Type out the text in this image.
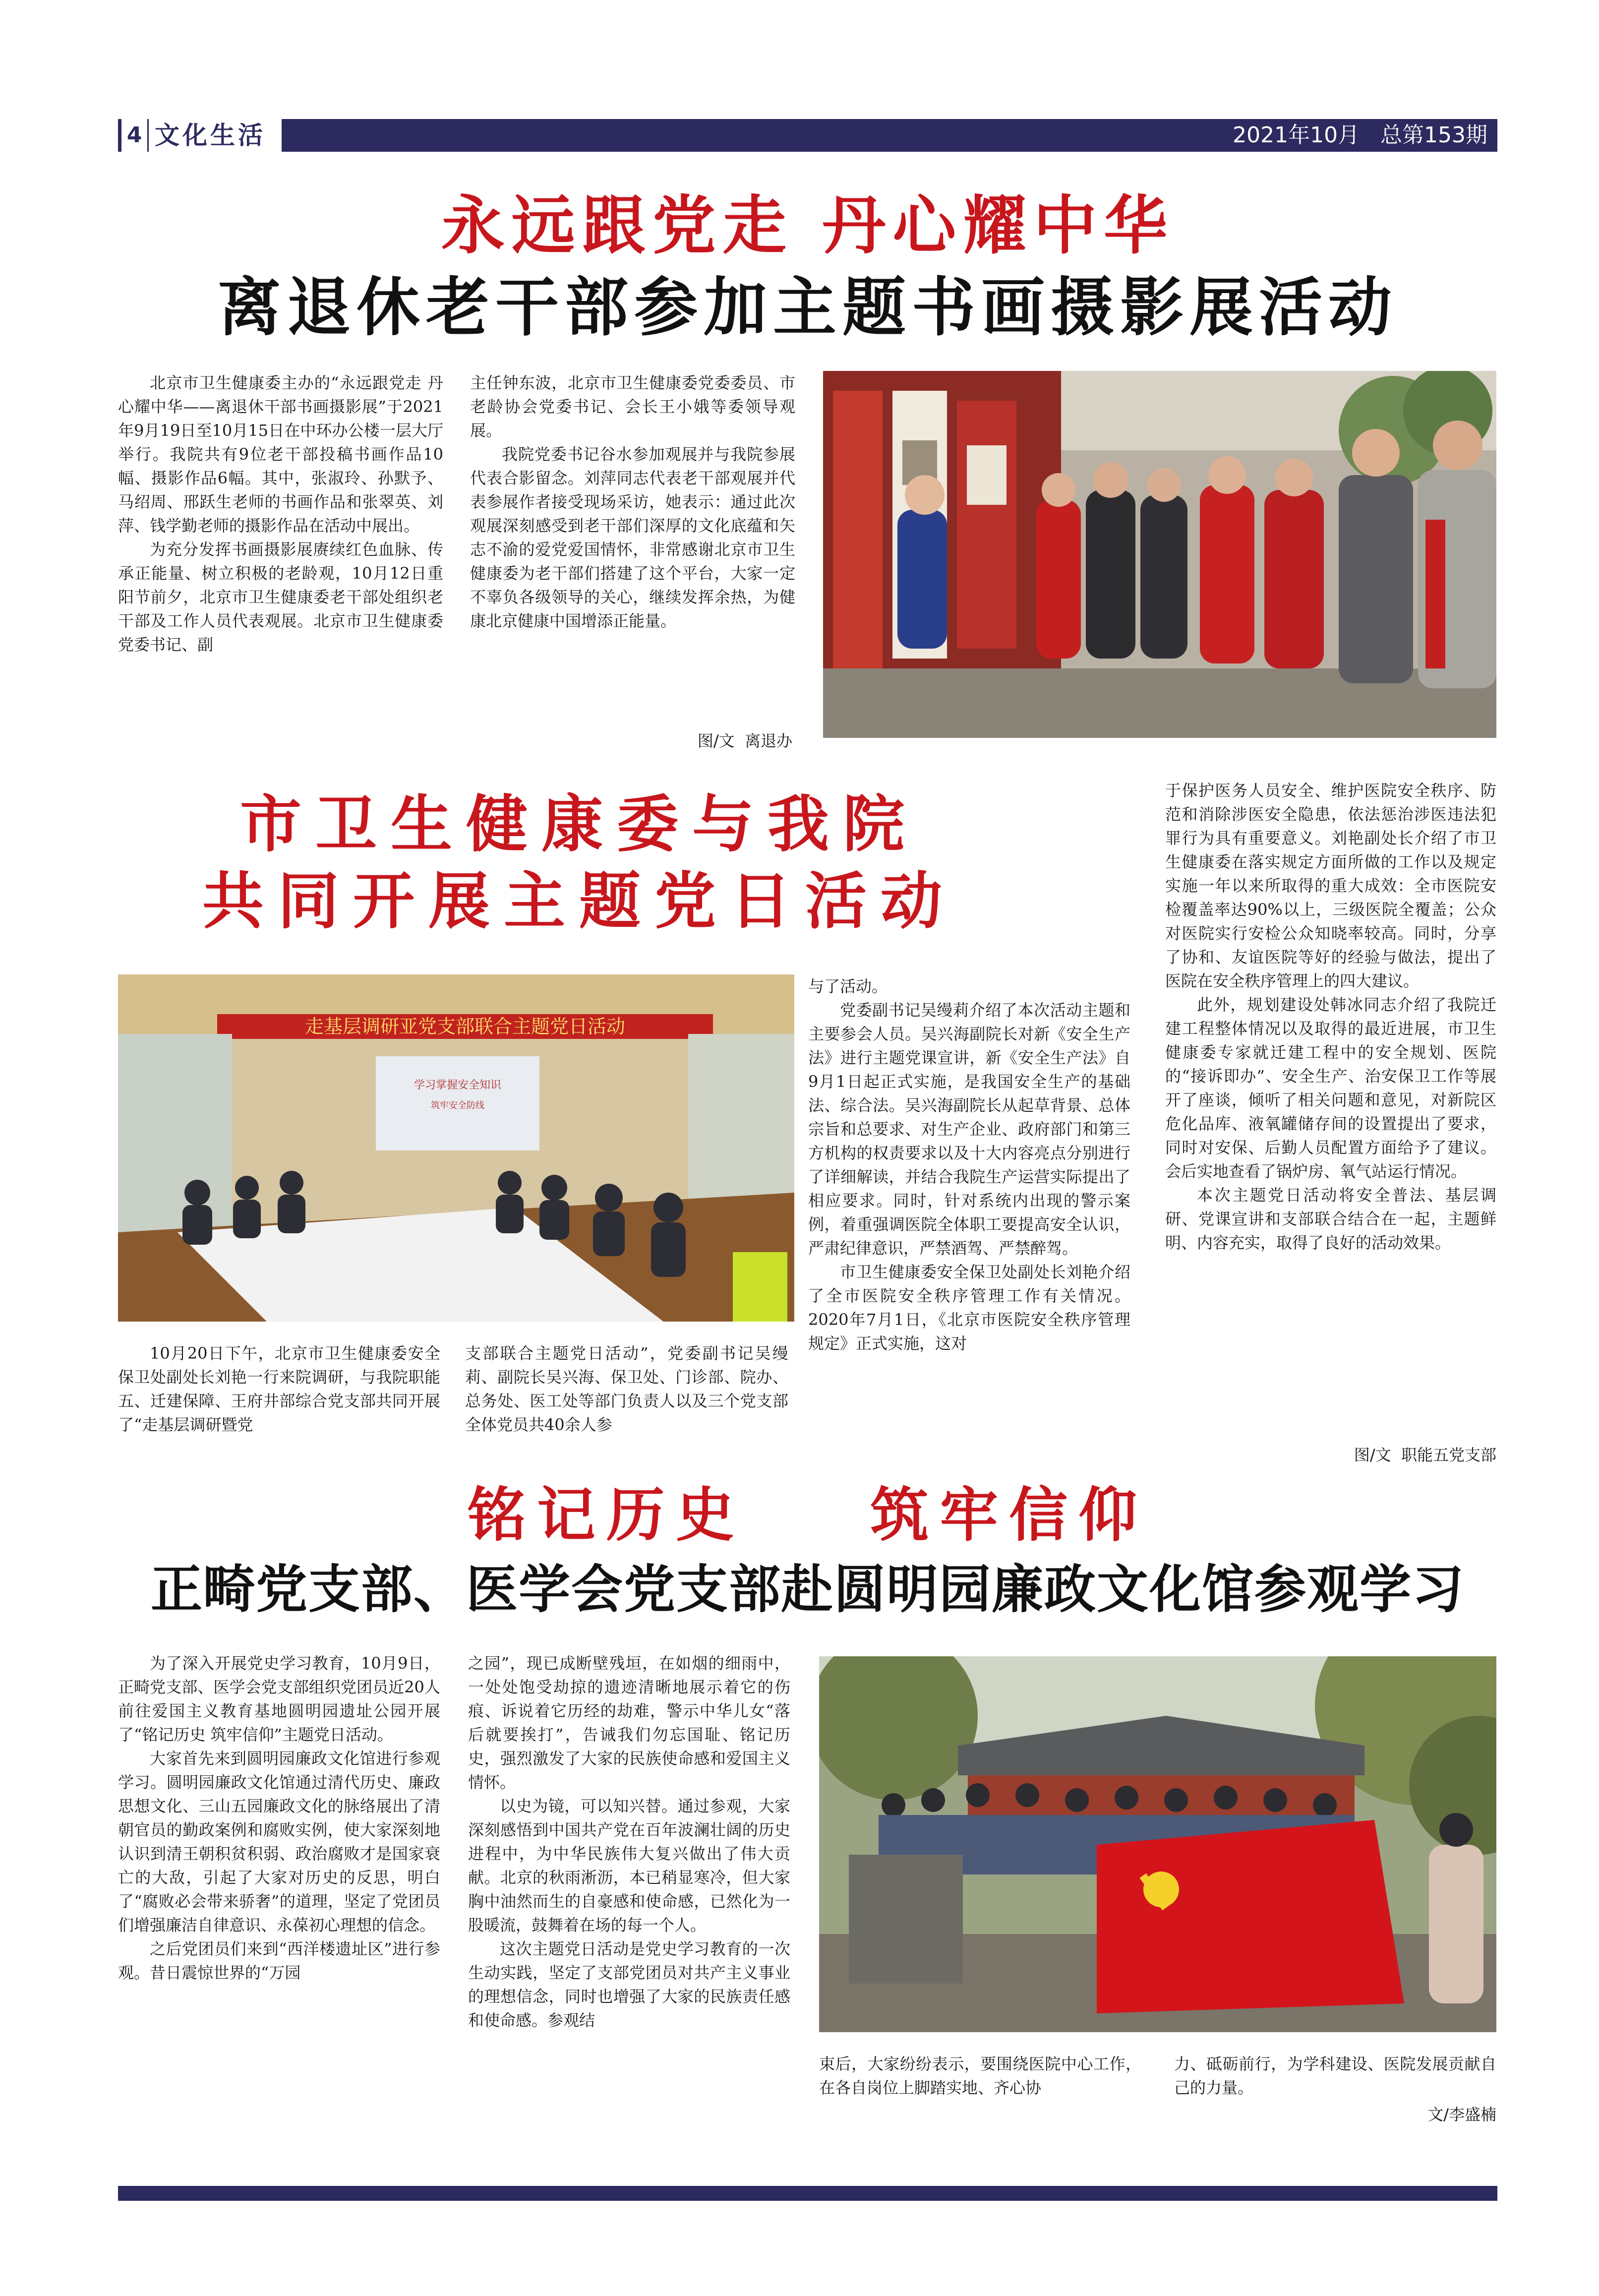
4 文化生活	2021年10月   总第153期
永远跟党走 丹心耀中华
离退休老干部参加主题书画摄影展活动

北京市卫生健康委主办的“永远跟党走 丹心耀中华——离退休干部书画摄影展”于2021年9月19日至10月15日在中环办公楼一层大厅举行。我院共有9位老干部投稿书画作品10幅、摄影作品6幅。其中，张淑玲、孙默予、马绍周、邢跃生老师的书画作品和张翠英、刘萍、钱学勤老师的摄影作品在活动中展出。

为充分发挥书画摄影展赓续红色血脉、传承正能量、树立积极的老龄观，10月12日重阳节前夕，北京市卫生健康委老干部处组织老干部及工作人员代表观展。北京市卫生健康委党委书记、副

主任钟东波，北京市卫生健康委党委委员、市老龄协会党委书记、会长王小娥等委领导观展。

我院党委书记谷水参加观展并与我院参展代表合影留念。刘萍同志代表老干部观展并代表参展作者接受现场采访，她表示：通过此次观展深刻感受到老干部们深厚的文化底蕴和矢志不渝的爱党爱国情怀，非常感谢北京市卫生健康委为老干部们搭建了这个平台，大家一定不辜负各级领导的关心，继续发挥余热，为健康北京健康中国增添正能量。

图/文  离退办
市卫生健康委与我院
共同开展主题党日活动
走基层调研亚党支部联合主题党日活动
学习掌握安全知识
筑牢安全防线

10月20日下午，北京市卫生健康委安全保卫处副处长刘艳一行来院调研，与我院职能五、迁建保障、王府井部综合党支部共同开展了“走基层调研暨党

支部联合主题党日活动”，党委副书记吴缦莉、副院长吴兴海、保卫处、门诊部、院办、总务处、医工处等部门负责人以及三个党支部全体党员共40余人参

与了活动。

党委副书记吴缦莉介绍了本次活动主题和主要参会人员。吴兴海副院长对新《安全生产法》进行主题党课宣讲，新《安全生产法》自9月1日起正式实施，是我国安全生产的基础法、综合法。吴兴海副院长从起草背景、总体宗旨和总要求、对生产企业、政府部门和第三方机构的权责要求以及十大内容亮点分别进行了详细解读，并结合我院生产运营实际提出了相应要求。同时，针对系统内出现的警示案例，着重强调医院全体职工要提高安全认识，严肃纪律意识，严禁酒驾、严禁醉驾。

市卫生健康委安全保卫处副处长刘艳介绍了全市医院安全秩序管理工作有关情况。2020年7月1日，《北京市医院安全秩序管理规定》正式实施，这对

于保护医务人员安全、维护医院安全秩序、防范和消除涉医安全隐患，依法惩治涉医违法犯罪行为具有重要意义。刘艳副处长介绍了市卫生健康委在落实规定方面所做的工作以及规定实施一年以来所取得的重大成效：全市医院安检覆盖率达90%以上，三级医院全覆盖；公众对医院实行安检公众知晓率较高。同时，分享了协和、友谊医院等好的经验与做法，提出了医院在安全秩序管理上的四大建议。

此外，规划建设处韩冰同志介绍了我院迁建工程整体情况以及取得的最近进展，市卫生健康委专家就迁建工程中的安全规划、医院的“接诉即办”、安全生产、治安保卫工作等展开了座谈，倾听了相关问题和意见，对新院区危化品库、液氧罐储存间的设置提出了要求，同时对安保、后勤人员配置方面给予了建议。会后实地查看了锅炉房、氧气站运行情况。

本次主题党日活动将安全普法、基层调研、党课宣讲和支部联合结合在一起，主题鲜明、内容充实，取得了良好的活动效果。

图/文  职能五党支部
铭记历史    筑牢信仰
正畸党支部、医学会党支部赴圆明园廉政文化馆参观学习

为了深入开展党史学习教育，10月9日，正畸党支部、医学会党支部组织党团员近20人前往爱国主义教育基地圆明园遗址公园开展了“铭记历史 筑牢信仰”主题党日活动。

大家首先来到圆明园廉政文化馆进行参观学习。圆明园廉政文化馆通过清代历史、廉政思想文化、三山五园廉政文化的脉络展出了清朝官员的勤政案例和腐败实例，使大家深刻地认识到清王朝积贫积弱、政治腐败才是国家衰亡的大敌，引起了大家对历史的反思，明白了“腐败必会带来骄奢”的道理，坚定了党团员们增强廉洁自律意识、永葆初心理想的信念。

之后党团员们来到“西洋楼遗址区”进行参观。昔日震惊世界的“万园

之园”，现已成断壁残垣，在如烟的细雨中，一处处饱受劫掠的遗迹清晰地展示着它的伤痕、诉说着它历经的劫难，警示中华儿女“落后就要挨打”，告诫我们勿忘国耻、铭记历史，强烈激发了大家的民族使命感和爱国主义情怀。

以史为镜，可以知兴替。通过参观，大家深刻感悟到中国共产党在百年波澜壮阔的历史进程中，为中华民族伟大复兴做出了伟大贡献。北京的秋雨淅沥，本已稍显寒冷，但大家胸中油然而生的自豪感和使命感，已然化为一股暖流，鼓舞着在场的每一个人。

这次主题党日活动是党史学习教育的一次生动实践，坚定了支部党团员对共产主义事业的理想信念，同时也增强了大家的民族责任感和使命感。参观结

束后，大家纷纷表示，要围绕医院中心工作，在各自岗位上脚踏实地、齐心协

力、砥砺前行，为学科建设、医院发展贡献自己的力量。

文/李盛楠
